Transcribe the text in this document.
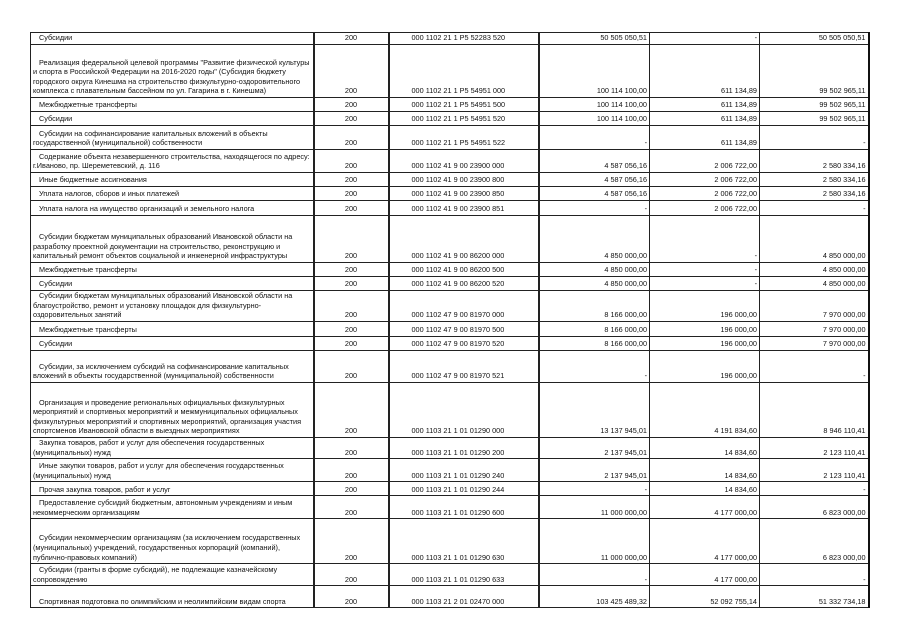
Субсидии	200	000 1102 21 1 P5 52283 520	50 505 050,51	-	50 505 050,51
Реализация федеральной целевой программы "Развитие физической культуры и спорта в Российской Федерации на 2016-2020 годы" (Субсидия бюджету городского округа Кинешма на строительство физкультурно-оздоровительного комплекса с плавательным бассейном по ул. Гагарина в г. Кинешма)	200	000 1102 21 1 P5 54951 000	100 114 100,00	611 134,89	99 502 965,11
Межбюджетные трансферты	200	000 1102 21 1 P5 54951 500	100 114 100,00	611 134,89	99 502 965,11
Субсидии	200	000 1102 21 1 P5 54951 520	100 114 100,00	611 134,89	99 502 965,11
Субсидии на софинансирование капитальных вложений в объекты государственной (муниципальной) собственности	200	000 1102 21 1 P5 54951 522	-	611 134,89	-
Содержание объекта незавершенного строительства, находящегося по адресу: г.Иваново, пр. Шереметевский, д. 116	200	000 1102 41 9 00 23900 000	4 587 056,16	2 006 722,00	2 580 334,16
Иные бюджетные ассигнования	200	000 1102 41 9 00 23900 800	4 587 056,16	2 006 722,00	2 580 334,16
Уплата налогов, сборов и иных платежей	200	000 1102 41 9 00 23900 850	4 587 056,16	2 006 722,00	2 580 334,16
Уплата налога на имущество организаций и земельного налога	200	000 1102 41 9 00 23900 851	-	2 006 722,00	-
Субсидии бюджетам муниципальных образований Ивановской области на разработку проектной документации на строительство, реконструкцию и капитальный ремонт объектов социальной и инженерной инфраструктуры	200	000 1102 41 9 00 86200 000	4 850 000,00	-	4 850 000,00
Межбюджетные трансферты	200	000 1102 41 9 00 86200 500	4 850 000,00	-	4 850 000,00
Субсидии	200	000 1102 41 9 00 86200 520	4 850 000,00	-	4 850 000,00
Субсидии бюджетам муниципальных образований Ивановской области на благоустройство, ремонт и установку площадок для физкультурно-оздоровительных занятий	200	000 1102 47 9 00 81970 000	8 166 000,00	196 000,00	7 970 000,00
Межбюджетные трансферты	200	000 1102 47 9 00 81970 500	8 166 000,00	196 000,00	7 970 000,00
Субсидии	200	000 1102 47 9 00 81970 520	8 166 000,00	196 000,00	7 970 000,00
Субсидии, за исключением субсидий на софинансирование капитальных вложений в объекты государственной (муниципальной) собственности	200	000 1102 47 9 00 81970 521	-	196 000,00	-
Организация и проведение региональных официальных физкультурных мероприятий и спортивных мероприятий и межмуниципальных официальных физкультурных мероприятий и спортивных мероприятий, организация участия спортсменов Ивановской области в выездных мероприятиях	200	000 1103 21 1 01 01290 000	13 137 945,01	4 191 834,60	8 946 110,41
Закупка товаров, работ и услуг для обеспечения государственных (муниципальных) нужд	200	000 1103 21 1 01 01290 200	2 137 945,01	14 834,60	2 123 110,41
Иные закупки товаров, работ и услуг для обеспечения государственных (муниципальных) нужд	200	000 1103 21 1 01 01290 240	2 137 945,01	14 834,60	2 123 110,41
Прочая закупка товаров, работ и услуг	200	000 1103 21 1 01 01290 244	-	14 834,60	-
Предоставление субсидий бюджетным, автономным учреждениям и иным некоммерческим организациям	200	000 1103 21 1 01 01290 600	11 000 000,00	4 177 000,00	6 823 000,00
Субсидии некоммерческим организациям (за исключением государственных (муниципальных) учреждений, государственных корпораций (компаний), публично-правовых компаний)	200	000 1103 21 1 01 01290 630	11 000 000,00	4 177 000,00	6 823 000,00
Субсидии (гранты в форме субсидий), не подлежащие казначейскому сопровождению	200	000 1103 21 1 01 01290 633	-	4 177 000,00	-
Спортивная подготовка по олимпийским и неолимпийским видам спорта	200	000 1103 21 2 01 02470 000	103 425 489,32	52 092 755,14	51 332 734,18
